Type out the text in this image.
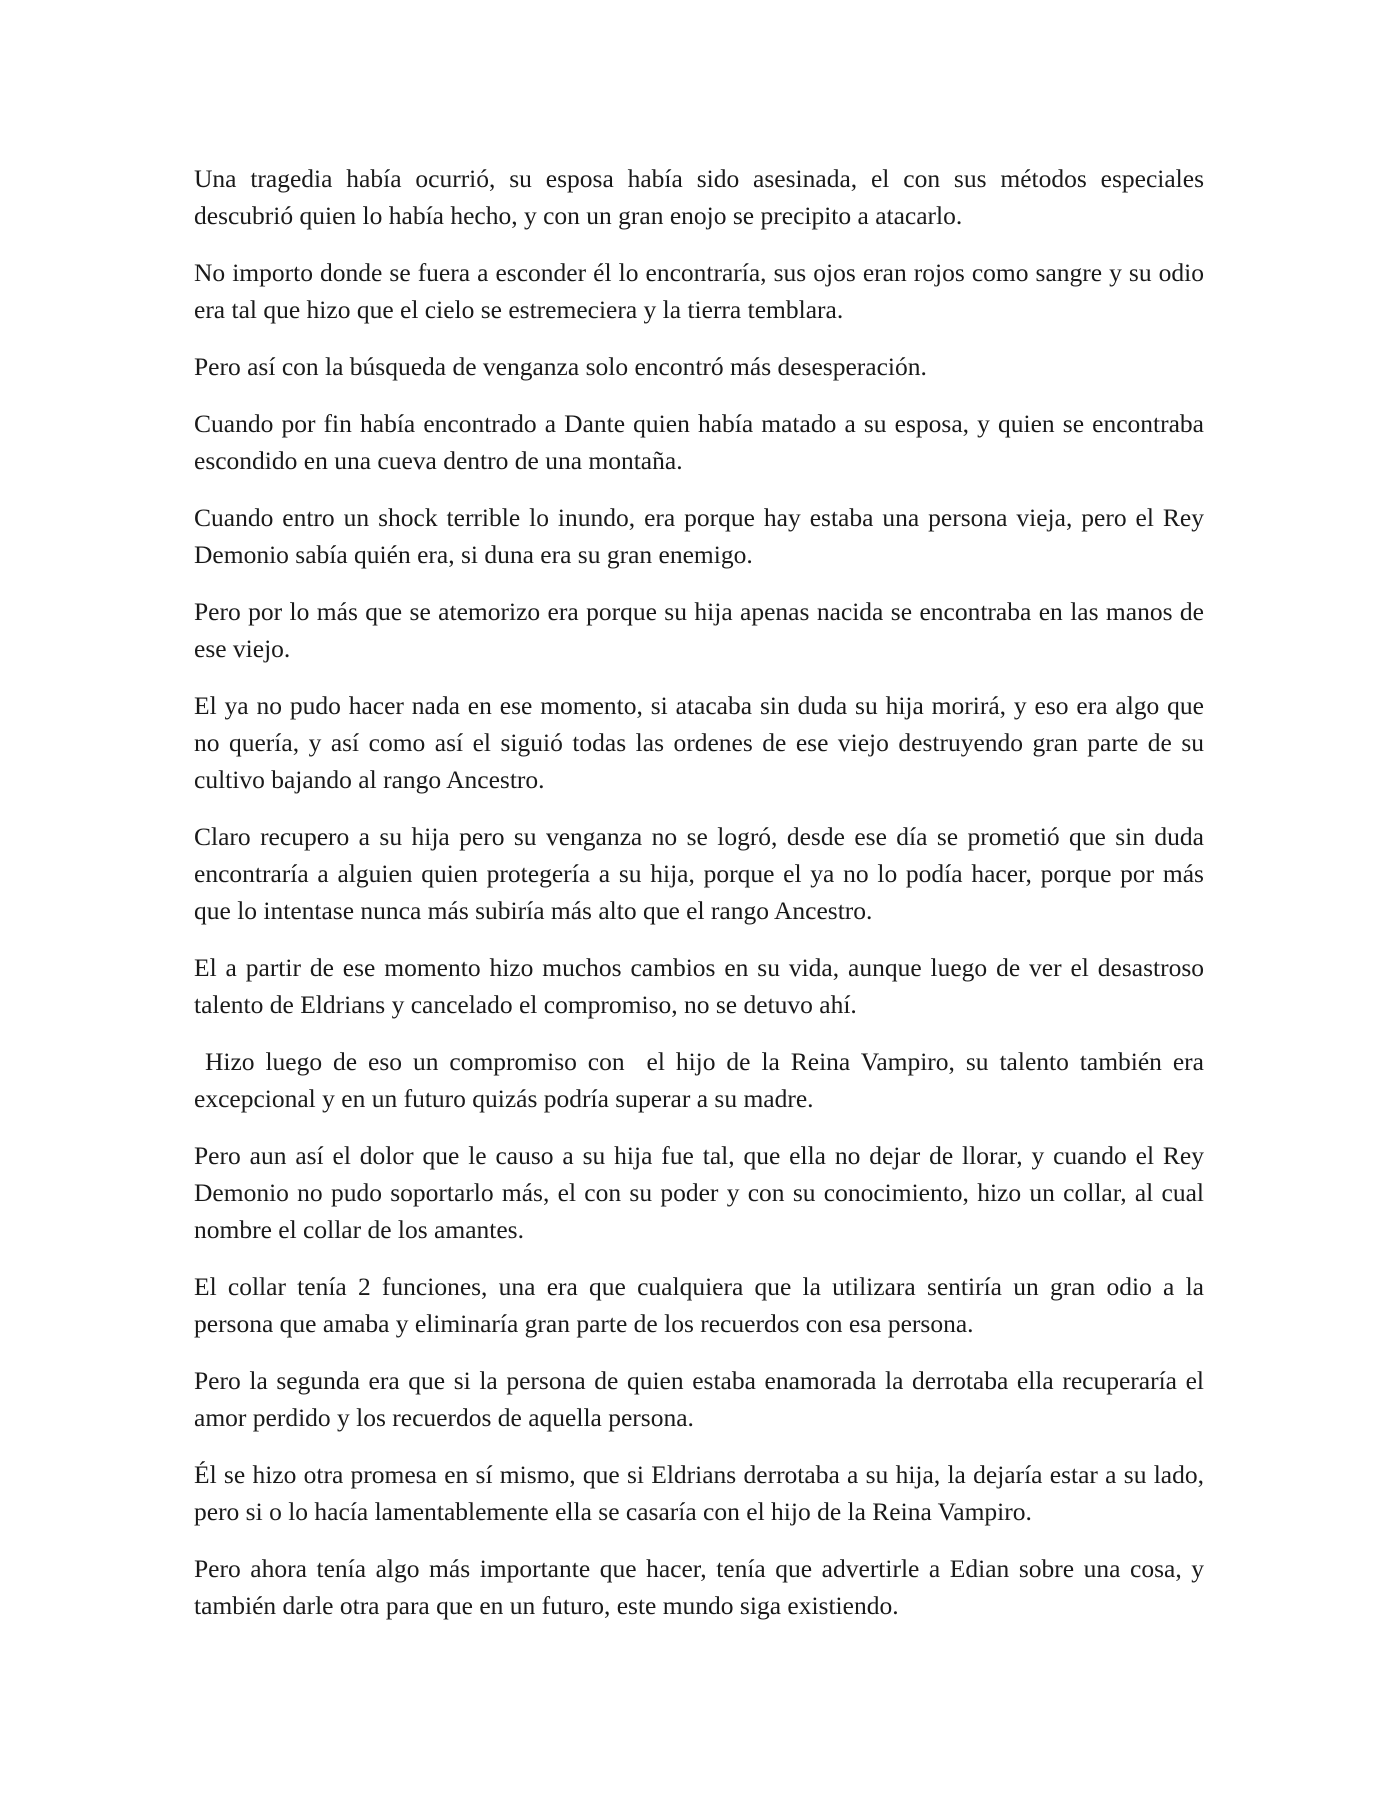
Una tragedia había ocurrió, su esposa había sido asesinada, el con sus métodos especiales descubrió quien lo había hecho, y con un gran enojo se precipito a atacarlo.

No importo donde se fuera a esconder él lo encontraría, sus ojos eran rojos como sangre y su odio era tal que hizo que el cielo se estremeciera y la tierra temblara.

Pero así con la búsqueda de venganza solo encontró más desesperación.

Cuando por fin había encontrado a Dante quien había matado a su esposa, y quien se encontraba escondido en una cueva dentro de una montaña.

Cuando entro un shock terrible lo inundo, era porque hay estaba una persona vieja, pero el Rey Demonio sabía quién era, si duna era su gran enemigo.

Pero por lo más que se atemorizo era porque su hija apenas nacida se encontraba en las manos de ese viejo.

El ya no pudo hacer nada en ese momento, si atacaba sin duda su hija morirá, y eso era algo que no quería, y así como así el siguió todas las ordenes de ese viejo destruyendo gran parte de su cultivo bajando al rango Ancestro.

Claro recupero a su hija pero su venganza no se logró, desde ese día se prometió que sin duda encontraría a alguien quien protegería a su hija, porque el ya no lo podía hacer, porque por más que lo intentase nunca más subiría más alto que el rango Ancestro.

El a partir de ese momento hizo muchos cambios en su vida, aunque luego de ver el desastroso talento de Eldrians y cancelado el compromiso, no se detuvo ahí.

Hizo luego de eso un compromiso con  el hijo de la Reina Vampiro, su talento también era excepcional y en un futuro quizás podría superar a su madre.

Pero aun así el dolor que le causo a su hija fue tal, que ella no dejar de llorar, y cuando el Rey Demonio no pudo soportarlo más, el con su poder y con su conocimiento, hizo un collar, al cual nombre el collar de los amantes.

El collar tenía 2 funciones, una era que cualquiera que la utilizara sentiría un gran odio a la persona que amaba y eliminaría gran parte de los recuerdos con esa persona.

Pero la segunda era que si la persona de quien estaba enamorada la derrotaba ella recuperaría el amor perdido y los recuerdos de aquella persona.

Él se hizo otra promesa en sí mismo, que si Eldrians derrotaba a su hija, la dejaría estar a su lado, pero si o lo hacía lamentablemente ella se casaría con el hijo de la Reina Vampiro.

Pero ahora tenía algo más importante que hacer, tenía que advertirle a Edian sobre una cosa, y también darle otra para que en un futuro, este mundo siga existiendo.
